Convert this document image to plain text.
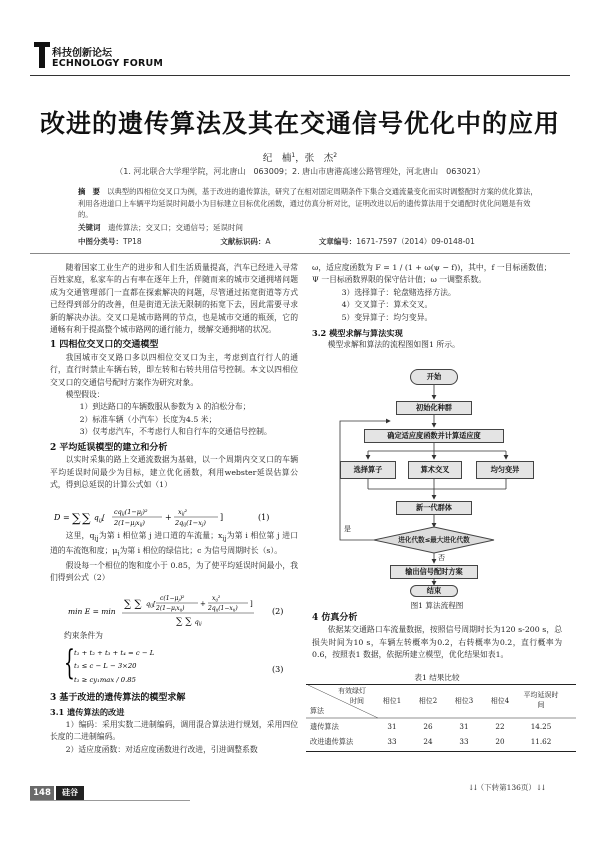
科技创新论坛
ECHNOLOGY FORUM
改进的遗传算法及其在交通信号优化中的应用
纪　楠$^1$，张　杰$^2$
（1. 河北联合大学理学院，河北唐山　063009；2. 唐山市唐港高速公路管理处，河北唐山　063021）
摘　要　 以典型的四相位交叉口为例，基于改进的遗传算法，研究了在相对固定周期条件下集合交通流量变化而实时调整配时方案的优化算法，利用各进道口上车辆平均延误时间最小为目标建立目标优化函数，通过仿真分析对比，证明改进以后的遗传算法用于交通配时优化问题是有效的。
关键词　 遗传算法；交叉口；交通信号；延误时间
中图分类号：TP18	文献标识码：A	文章编号：1671-7597（2014）09-0148-01

随着国家工业生产的进步和人们生活质量提高，汽车已经进入寻常百姓家庭，私家车的占有率在逐年上升，伴随而来的城市交通拥堵问题成为交通管理部门一直都在探索解决的问题，尽管通过拓宽街道等方式已经得到部分的改善，但是街道无法无限制的拓宽下去，因此需要寻求新的解决办法。交叉口是城市路网的节点，也是城市交通的瓶颈，它的通畅有利于提高整个城市路网的通行能力，缓解交通拥堵的状况。

1 四相位交叉口的交通模型

我国城市交叉路口多以四相位交叉口为主，考虑到直行行人的通行，直行时禁止车辆右转，即左转和右转共用信号控制。本文以四相位交叉口的交通信号配时方案作为研究对象。

模型假设：

1）到达路口的车辆数服从参数为 λ 的泊松分布；

2）标准车辆（小汽车）长度为4.5 米；

3）仅考虑汽车，不考虑行人和自行车的交通信号控制。

2 平均延误模型的建立和分析

以实时采集的路上交通流数据为基础，以一个周期内交叉口的车辆平均延误时间最少为目标，建立优化函数，利用webster延误估算公式，得到总延误的计算公式如（1）

D = ∑ ∑ $q_{ij}$[
cqij(1−μj)²
2(1−μjxij)
+
xij²
2qij(1−xj)
]	(1)

这里，$q_{ij}$为第 i 相位第 j 进口道的车流量；$x_{ij}$为第 i 相位第 j 进口道的车流饱和度；$\mu_i$为第 i 相位的绿信比；c 为信号周期时长（s）。

假设每一个相位的饱和度小于 0.85，为了使平均延误时间最小，我们得到公式（2）

min E = min
∑ ∑ qij[
c(1−μj)²
2(1−μixij)
+
xij²
2qij(1−xij)
]
∑ ∑ qij
(2)

约束条件为

{ t₁ + t₂ + t₃ + t₄ = c − L
t₁ ≤ c − L − 3×20
t₁ ≥ cy₁max / 0.85
(3)
3 基于改进的遗传算法的模型求解
3.1 遗传算法的改进

1）编码：采用实数二进制编码，调用混合算法进行规划，采用四位长度的二进制编码。

2）适应度函数：对适应度函数进行改进，引进调整系数

ω，适应度函数为 F = 1 / (1 + ω(ψ − f))，其中，f 一目标函数值；

Ψ 一目标函数界限的保守估计值；ω 一调整系数。

3）选择算子：轮盘赌选择方法。

4）交叉算子：算术交叉。

5）变异算子：均匀变异。

3.2 模型求解与算法实现

模型求解和算法的流程图如图1 所示。

是
否
开始
初始化种群
确定适应度函数并计算适应度
选择算子	算术交叉	均匀变异
新一代群体
进化代数≤最大进化代数
输出信号配时方案
结束
图1 算法流程图
4 仿真分析

依据某交通路口车流量数据，按照信号周期时长为120 s-200 s，总损失时间为10 s，车辆左转概率为0.2，右转概率为0.2，直行概率为0.6，按照表1 数据，依据所建立模型，优化结果如表1。

表1 结果比较
有效绿灯
时间
算法
相位1	相位2	相位3	相位4
平均延误时间
遗传算法	31	26	31	22	14.25
改进遗传算法	33	24	33	20	11.62
↓↓（下转第136页）↓↓
148	硅谷
